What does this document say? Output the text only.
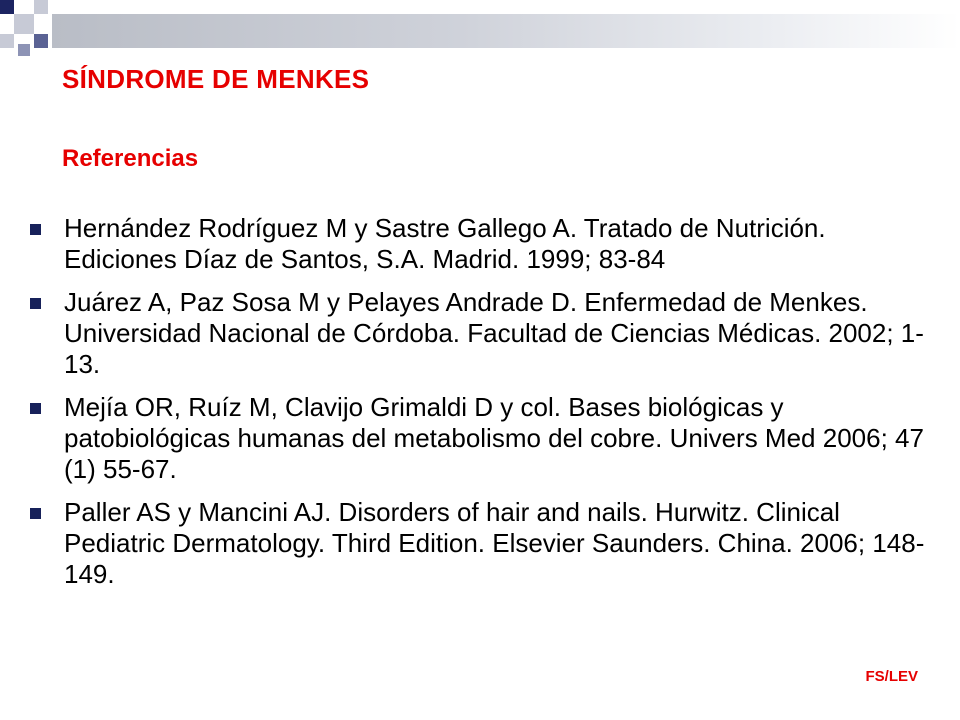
SÍNDROME DE MENKES
Referencias
Hernández Rodríguez M y Sastre Gallego A. Tratado de Nutrición. Ediciones Díaz de Santos, S.A. Madrid. 1999; 83-84
Juárez A, Paz Sosa M y Pelayes Andrade D. Enfermedad de Menkes. Universidad Nacional de Córdoba. Facultad de Ciencias Médicas. 2002; 1-13.
Mejía OR, Ruíz M, Clavijo Grimaldi D y col. Bases biológicas y patobiológicas humanas del metabolismo del cobre. Univers Med 2006; 47 (1) 55-67.
Paller AS y Mancini AJ. Disorders of hair and nails. Hurwitz. Clinical Pediatric Dermatology. Third Edition. Elsevier Saunders. China. 2006; 148-149.
FS/LEV
